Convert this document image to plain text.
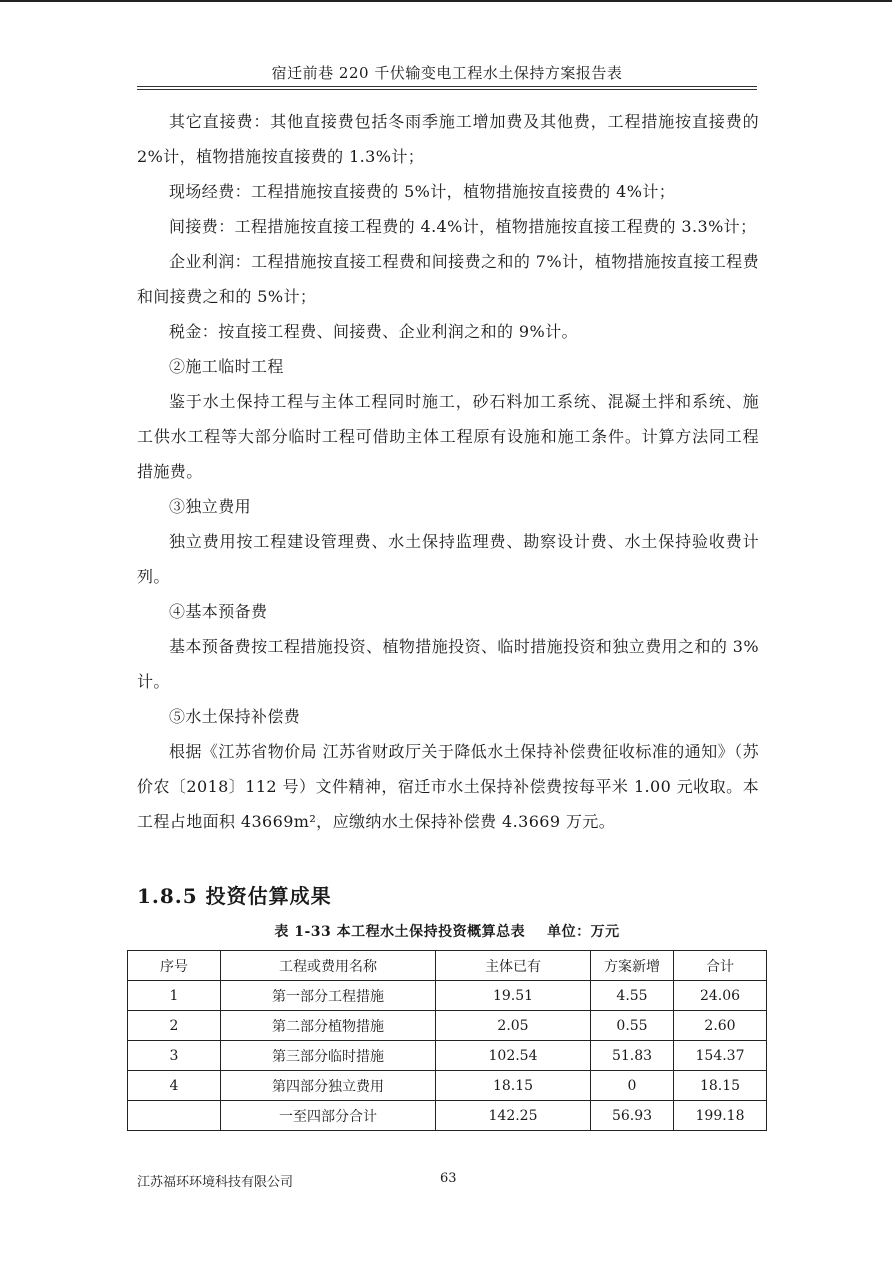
宿迁前巷 220 千伏输变电工程水土保持方案报告表

其它直接费：其他直接费包括冬雨季施工增加费及其他费，工程措施按直接费的 2%计，植物措施按直接费的 1.3%计；

现场经费：工程措施按直接费的 5%计，植物措施按直接费的 4%计；

间接费：工程措施按直接工程费的 4.4%计，植物措施按直接工程费的 3.3%计；

企业利润：工程措施按直接工程费和间接费之和的 7%计，植物措施按直接工程费和间接费之和的 5%计；

税金：按直接工程费、间接费、企业利润之和的 9%计。

②施工临时工程

鉴于水土保持工程与主体工程同时施工，砂石料加工系统、混凝土拌和系统、施工供水工程等大部分临时工程可借助主体工程原有设施和施工条件。计算方法同工程措施费。

③独立费用

独立费用按工程建设管理费、水土保持监理费、勘察设计费、水土保持验收费计列。

④基本预备费

基本预备费按工程措施投资、植物措施投资、临时措施投资和独立费用之和的 3%计。

⑤水土保持补偿费

根据《江苏省物价局 江苏省财政厅关于降低水土保持补偿费征收标准的通知》（苏价农〔2018〕112 号）文件精神，宿迁市水土保持补偿费按每平米 1.00 元收取。本工程占地面积 43669m²，应缴纳水土保持补偿费 4.3669 万元。

1.8.5 投资估算成果
表 1-33 本工程水土保持投资概算总表 单位：万元
序号	工程或费用名称	主体已有	方案新增	合计
1	第一部分工程措施	19.51	4.55	24.06
2	第二部分植物措施	2.05	0.55	2.60
3	第三部分临时措施	102.54	51.83	154.37
4	第四部分独立费用	18.15	0	18.15
	一至四部分合计	142.25	56.93	199.18
江苏福环环境科技有限公司	63
